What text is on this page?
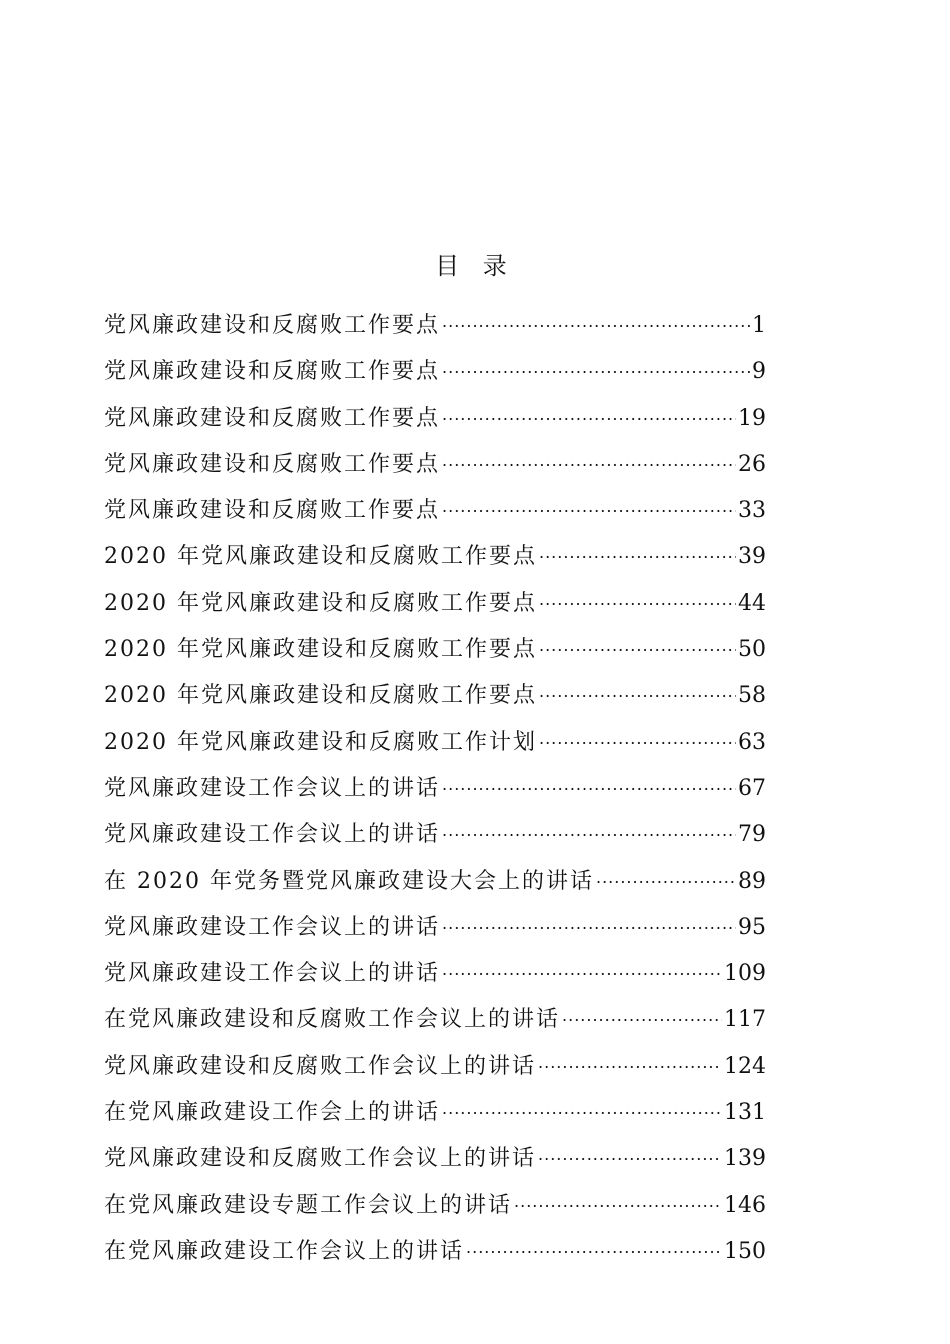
目 录
党风廉政建设和反腐败工作要点 .....	1
党风廉政建设和反腐败工作要点 .....	9
党风廉政建设和反腐败工作要点 .....	19
党风廉政建设和反腐败工作要点 .....	26
党风廉政建设和反腐败工作要点 .....	33
2020 年党风廉政建设和反腐败工作要点 .....	39
2020 年党风廉政建设和反腐败工作要点 .....	44
2020 年党风廉政建设和反腐败工作要点 .....	50
2020 年党风廉政建设和反腐败工作要点 .....	58
2020 年党风廉政建设和反腐败工作计划 .....	63
党风廉政建设工作会议上的讲话 .....	67
党风廉政建设工作会议上的讲话 .....	79
在 2020 年党务暨党风廉政建设大会上的讲话 .....	89
党风廉政建设工作会议上的讲话 .....	95
党风廉政建设工作会议上的讲话 .....	109
在党风廉政建设和反腐败工作会议上的讲话 .....	117
党风廉政建设和反腐败工作会议上的讲话 .....	124
在党风廉政建设工作会上的讲话 .....	131
党风廉政建设和反腐败工作会议上的讲话 .....	139
在党风廉政建设专题工作会议上的讲话 .....	146
在党风廉政建设工作会议上的讲话 .....	150
